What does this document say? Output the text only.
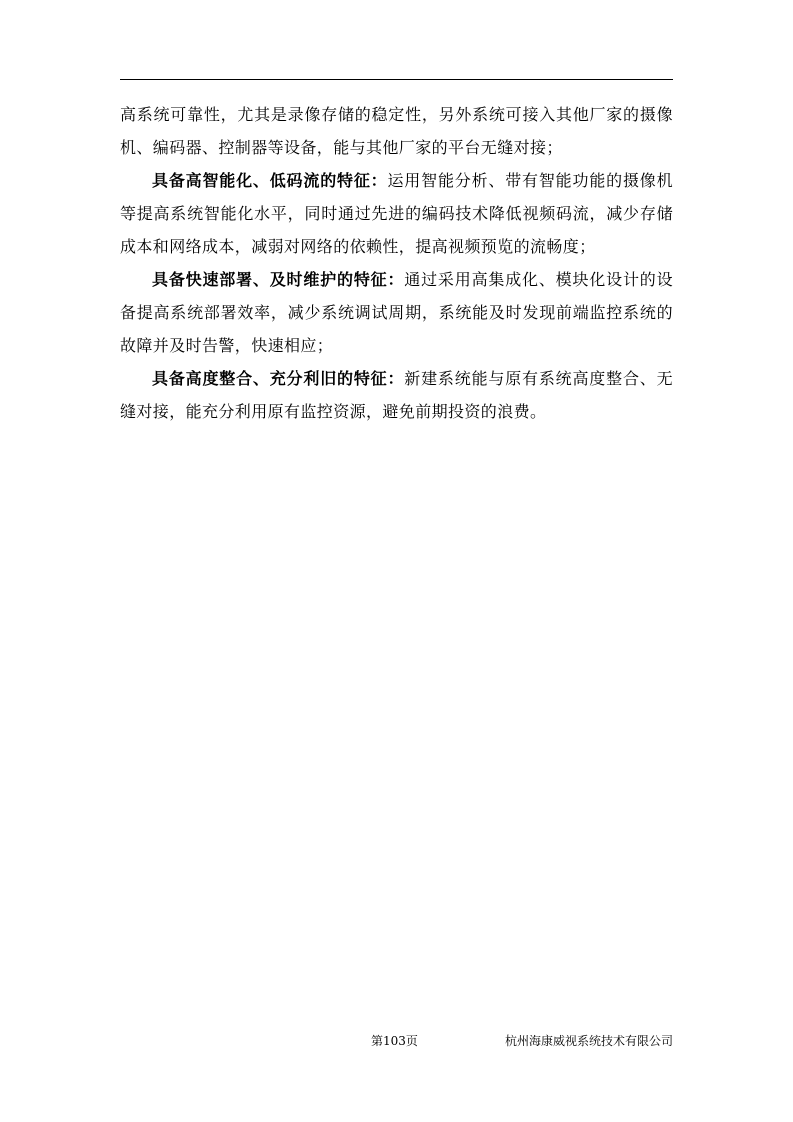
高系统可靠性，尤其是录像存储的稳定性，另外系统可接入其他厂家的摄像机、编码器、控制器等设备，能与其他厂家的平台无缝对接；

具备高智能化、低码流的特征：运用智能分析、带有智能功能的摄像机等提高系统智能化水平，同时通过先进的编码技术降低视频码流，减少存储成本和网络成本，减弱对网络的依赖性，提高视频预览的流畅度；

具备快速部署、及时维护的特征：通过采用高集成化、模块化设计的设备提高系统部署效率，减少系统调试周期，系统能及时发现前端监控系统的故障并及时告警，快速相应；

具备高度整合、充分利旧的特征：新建系统能与原有系统高度整合、无缝对接，能充分利用原有监控资源，避免前期投资的浪费。

第103页	杭州海康威视系统技术有限公司
